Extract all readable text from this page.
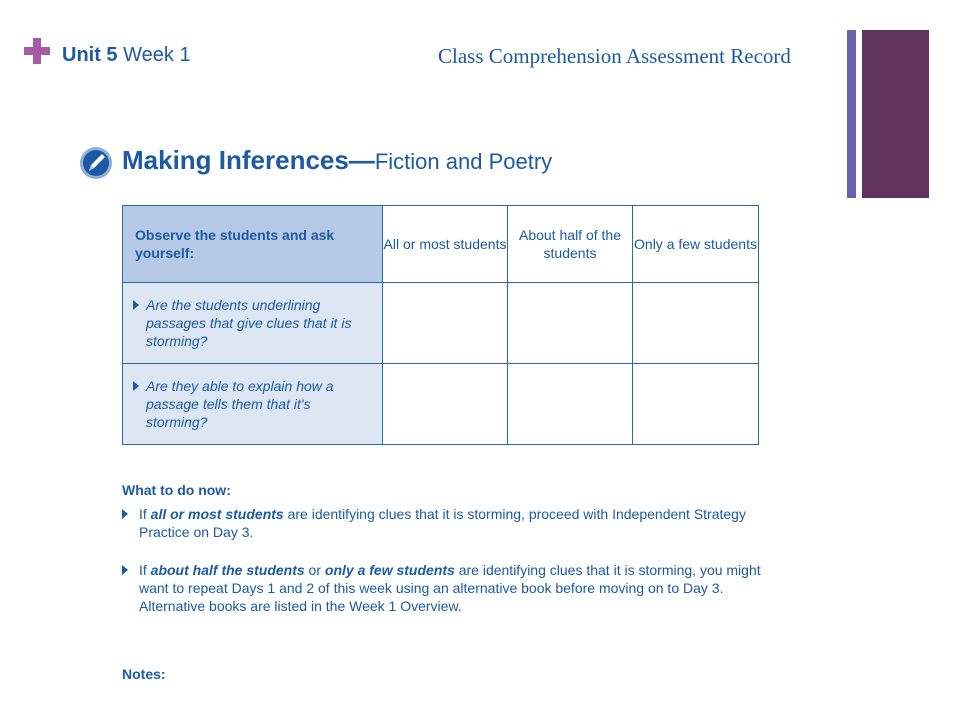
Unit 5 Week 1	Class Comprehension Assessment Record
Making Inferences—Fiction and Poetry
Observe the students and ask yourself:	All or most students	About half of the students	Only a few students

Are the students underlining passages that give clues that it is storming?			

Are they able to explain how a passage tells them that it's storming?			

What to do now:
If all or most students are identifying clues that it is storming, proceed with Independent Strategy Practice on Day 3.
If about half the students or only a few students are identifying clues that it is storming, you might want to repeat Days 1 and 2 of this week using an alternative book before moving on to Day 3. Alternative books are listed in the Week 1 Overview.
Notes:
